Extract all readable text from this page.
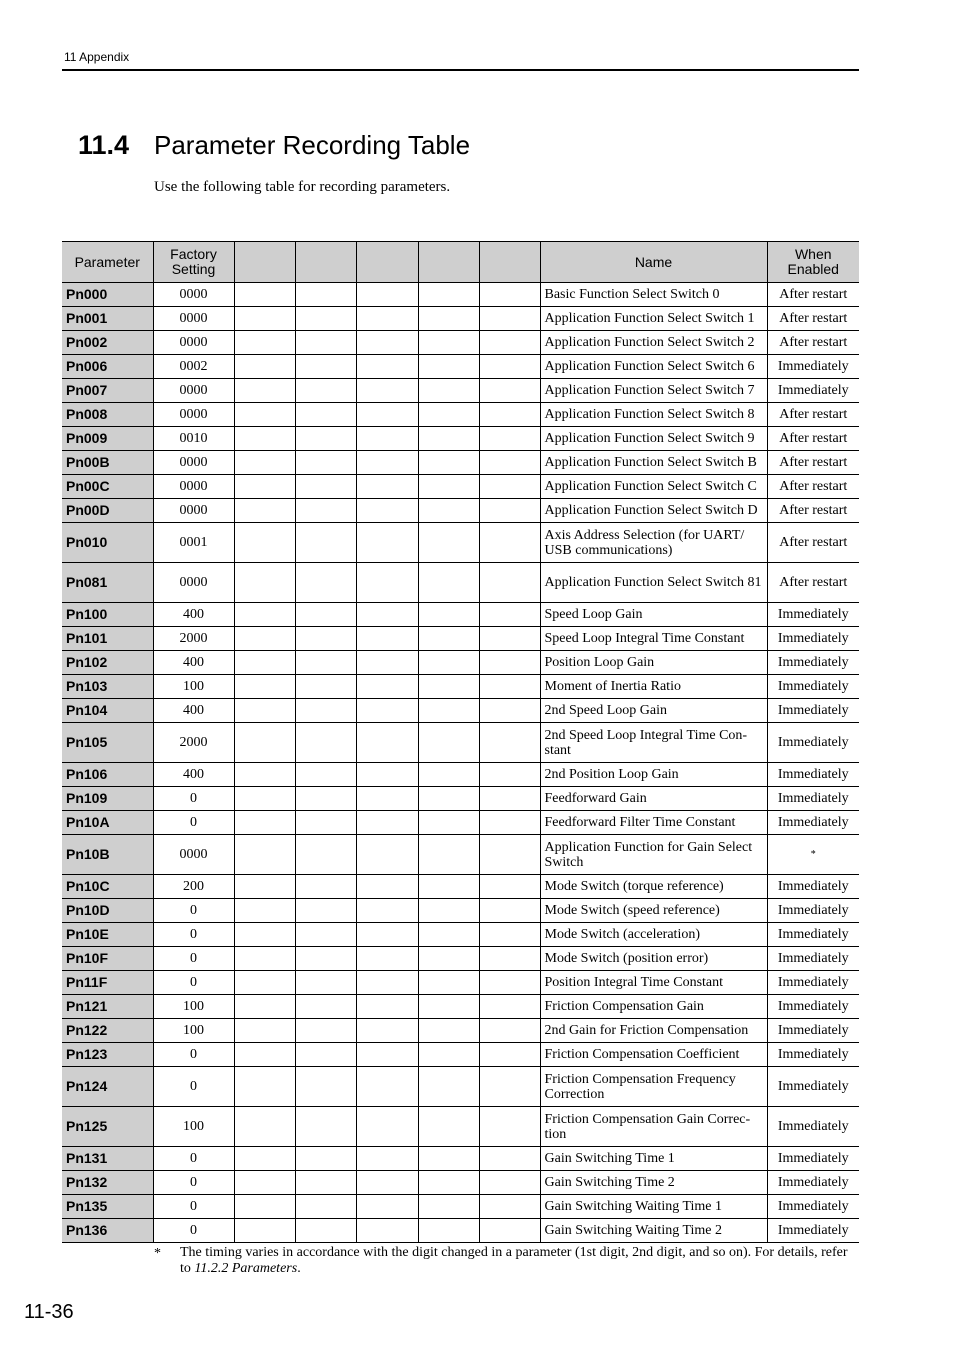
11 Appendix
11.4 Parameter Recording Table
Use the following table for recording parameters.
Parameter	Factory Setting						Name	When Enabled
Pn000	0000						Basic Function Select Switch 0	After restart
Pn001	0000						Application Function Select Switch 1	After restart
Pn002	0000						Application Function Select Switch 2	After restart
Pn006	0002						Application Function Select Switch 6	Immediately
Pn007	0000						Application Function Select Switch 7	Immediately
Pn008	0000						Application Function Select Switch 8	After restart
Pn009	0010						Application Function Select Switch 9	After restart
Pn00B	0000						Application Function Select Switch B	After restart
Pn00C	0000						Application Function Select Switch C	After restart
Pn00D	0000						Application Function Select Switch D	After restart
Pn010	0001						Axis Address Selection (for UART/ USB communications)	After restart
Pn081	0000						Application Function Select Switch 81	After restart
Pn100	400						Speed Loop Gain	Immediately
Pn101	2000						Speed Loop Integral Time Constant	Immediately
Pn102	400						Position Loop Gain	Immediately
Pn103	100						Moment of Inertia Ratio	Immediately
Pn104	400						2nd Speed Loop Gain	Immediately
Pn105	2000						2nd Speed Loop Integral Time Con- stant	Immediately
Pn106	400						2nd Position Loop Gain	Immediately
Pn109	0						Feedforward Gain	Immediately
Pn10A	0						Feedforward Filter Time Constant	Immediately
Pn10B	0000						Application Function for Gain Select Switch	*
Pn10C	200						Mode Switch (torque reference)	Immediately
Pn10D	0						Mode Switch (speed reference)	Immediately
Pn10E	0						Mode Switch (acceleration)	Immediately
Pn10F	0						Mode Switch (position error)	Immediately
Pn11F	0						Position Integral Time Constant	Immediately
Pn121	100						Friction Compensation Gain	Immediately
Pn122	100						2nd Gain for Friction Compensation	Immediately
Pn123	0						Friction Compensation Coefficient	Immediately
Pn124	0						Friction Compensation Frequency Correction	Immediately
Pn125	100						Friction Compensation Gain Correc- tion	Immediately
Pn131	0						Gain Switching Time 1	Immediately
Pn132	0						Gain Switching Time 2	Immediately
Pn135	0						Gain Switching Waiting Time 1	Immediately
Pn136	0						Gain Switching Waiting Time 2	Immediately
* The timing varies in accordance with the digit changed in a parameter (1st digit, 2nd digit, and so on). For details, refer to 11.2.2 Parameters.
11-36
